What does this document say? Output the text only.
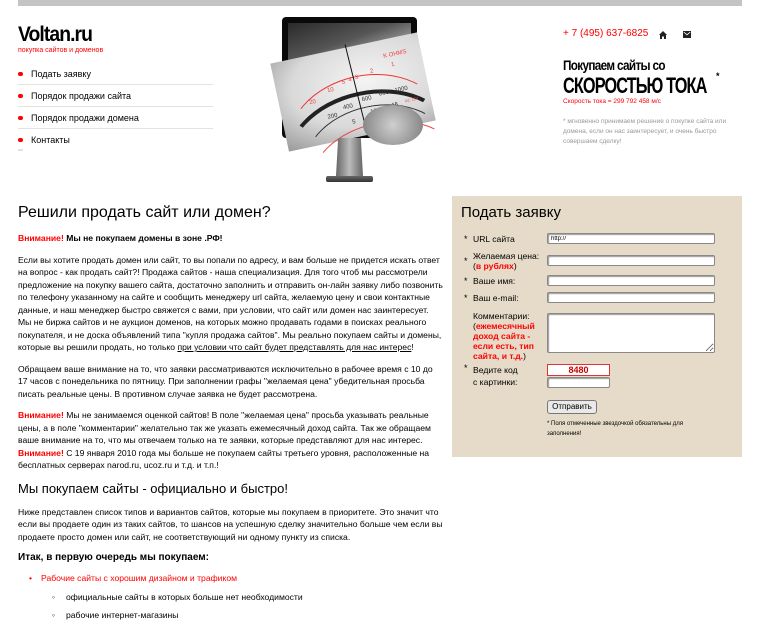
Voltan.ru
покупка сайтов и доменов
Подать заявку
Порядок продажи сайта
Порядок продажи домена
Контакты
K OHMS
1
2
3
4
5
10
20
200
400
600
800 1000
5
AC 15V
+ 7 (495) 637-6825
Покупаем сайты со
СКОРОСТЬЮ ТОКА *
Скорость тока = 299 792 458 м/с
* мгновенно принимаем решение о покупке сайта или домена, если он нас заинтересует, и очень быстро совершаем сделку!
Решили продать сайт или домен?

Внимание! Мы не покупаем домены в зоне .РФ!

Если вы хотите продать домен или сайт, то вы попали по адресу, и вам больше не придется искать ответ на вопрос - как продать сайт?! Продажа сайтов - наша специализация. Для того чтоб мы рассмотрели предложение на покупку вашего сайта, достаточно заполнить и отправить он-лайн заявку либо позвонить по телефону указанному на сайте и сообщить менеджеру url сайта, желаемую цену и свои контактные данные, и наш менеджер быстро свяжется с вами, при условии, что сайт или домен нас заинтересует. Мы не биржа сайтов и не аукцион доменов, на которых можно продавать годами в поисках реального покупателя, и не доска объявлений типа "купля продажа сайтов". Мы реально покупаем сайты и домены, которые вы решили продать, но только при условии что сайт будет представлять для нас интерес!

Обращаем ваше внимание на то, что заявки рассматриваются исключительно в рабочее время с 10 до 17 часов с понедельника по пятницу. При заполнении графы "желаемая цена" убедительная просьба писать реальные цены. В противном случае заявка не будет рассмотрена.

Внимание! Мы не занимаемся оценкой сайтов! В поле "желаемая цена" просьба указывать реальные цены, а в поле "комментарии" желательно так же указать ежемесячный доход сайта. Так же обращаем ваше внимание на то, что мы отвечаем только на те заявки, которые представляют для нас интерес.
Внимание! С 19 января 2010 года мы больше не покупаем сайты третьего уровня, расположенные на бесплатных серверах narod.ru, ucoz.ru и т.д. и т.п.!

Мы покупаем сайты - официально и быстро!

Ниже представлен список типов и вариантов сайтов, которые мы покупаем в приоритете. Это значит что если вы продаете один из таких сайтов, то шансов на успешную сделку значительно больше чем если вы продаете просто домен или сайт, не соответствующий ни одному пункту из списка.

Итак, в первую очередь мы покупаем:
• Рабочие сайты с хорошим дизайном и трафиком
◦ официальные сайты в которых больше нет необходимости
◦ рабочие интернет-магазины
Подать заявку
* URL сайта
http://
* Желаемая цена:
(в рублях)
* Ваше имя:
* Ваш e-mail:
Комментарии:
(ежемесячный доход сайта - если есть, тип сайта, и т.д.)
* Ведите код
с картинки:
8480
Отправить
* Поля отмеченные звездочкой обязательны для заполнения!
